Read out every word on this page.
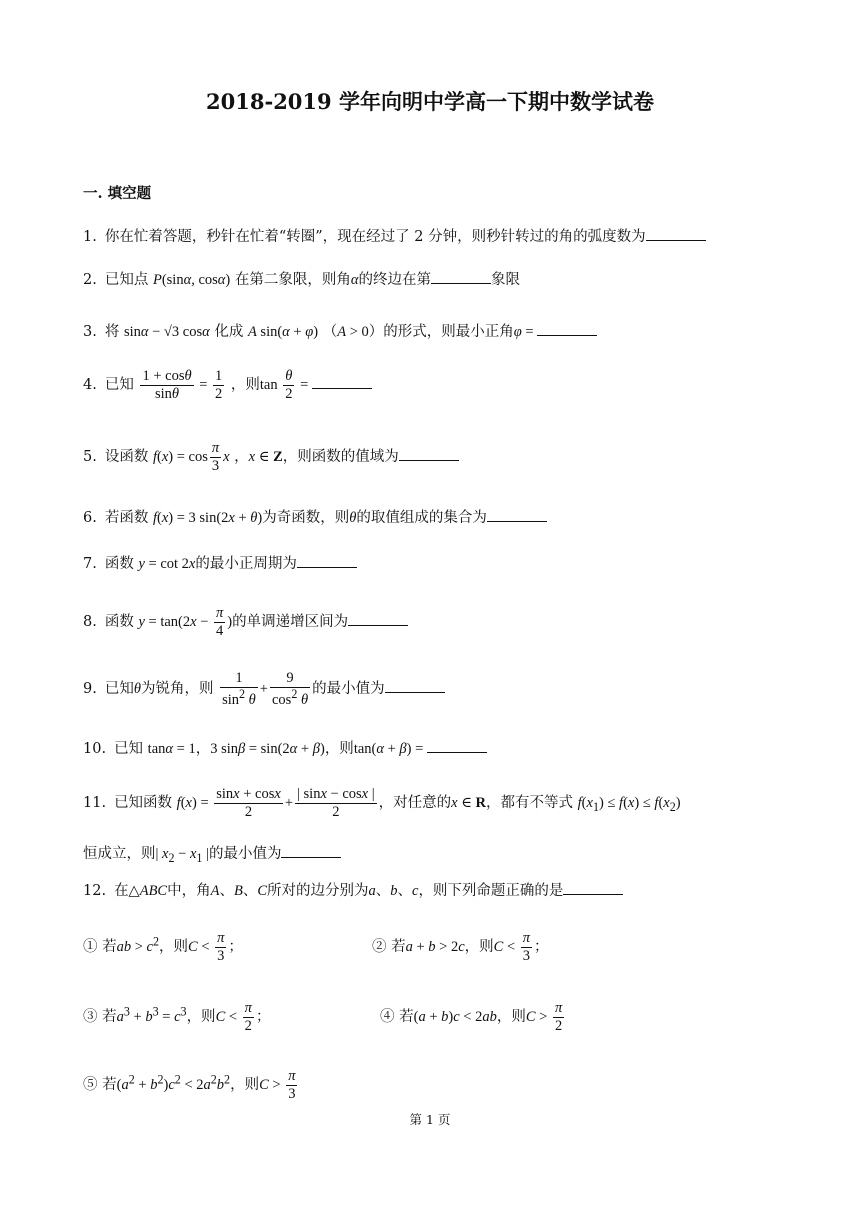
2018-2019 学年向明中学高一下期中数学试卷
一. 填空题
1. 你在忙着答题，秒针在忙着“转圈”，现在经过了 2 分钟，则秒针转过的角的弧度数为
2. 已知点 P(sinα, cosα) 在第二象限，则角α的终边在第	象限
3. 将 sinα − √3 cosα 化成 A sin(α + φ) （A > 0）的形式，则最小正角φ =
4. 已知 $\frac{1 + \cos\theta}{\sin\theta} = \frac{1}{2}$ ，则$\tan \frac{\theta}{2}$ =
5. 设函数 $f(x) = \cos \frac{\pi}{3}$ x ，x ∈ Z，则函数的值域为
6. 若函数 f(x) = 3 sin(2x + θ)为奇函数，则θ的取值组成的集合为
7. 函数 y = cot 2x的最小正周期为
8. 函数 $y = \tan(2x - \frac{\pi}{4}$ )的单调递增区间为
9. 已知θ为锐角，则 $\frac{1}{\sin^2 \theta} + \frac{9}{\cos^2 \theta}$ 的最小值为
10. 已知 tanα = 1，3 sinβ = sin(2α + β)，则tan(α + β) =
11. 已知函数 $f(x) = \frac{\sin x + \cos x}{2} + \frac{| \sin x - \cos x |}{2}$ ，对任意的x ∈ R，都有不等式 $f(x_1) \le f(x) \le f(x_2)$
恒成立，则| $x_2 - x_1$ |的最小值为
12. 在△ABC中，角A、B、C所对的边分别为a、b、c，则下列命题正确的是
① 若ab > $c^2$，则$C < \frac{\pi}{3}$ ；	② 若a + b > 2c，则$C < \frac{\pi}{3}$ ；
③ 若$a^3 + b^3 = c^3$，则$C < \frac{\pi}{2}$ ；	④ 若(a + b)c < 2ab，则$C > \frac{\pi}{2}$
⑤ 若$(a^2 + b^2)c^2 < 2a^2b^2$，则$C > \frac{\pi}{3}$
第 1 页
